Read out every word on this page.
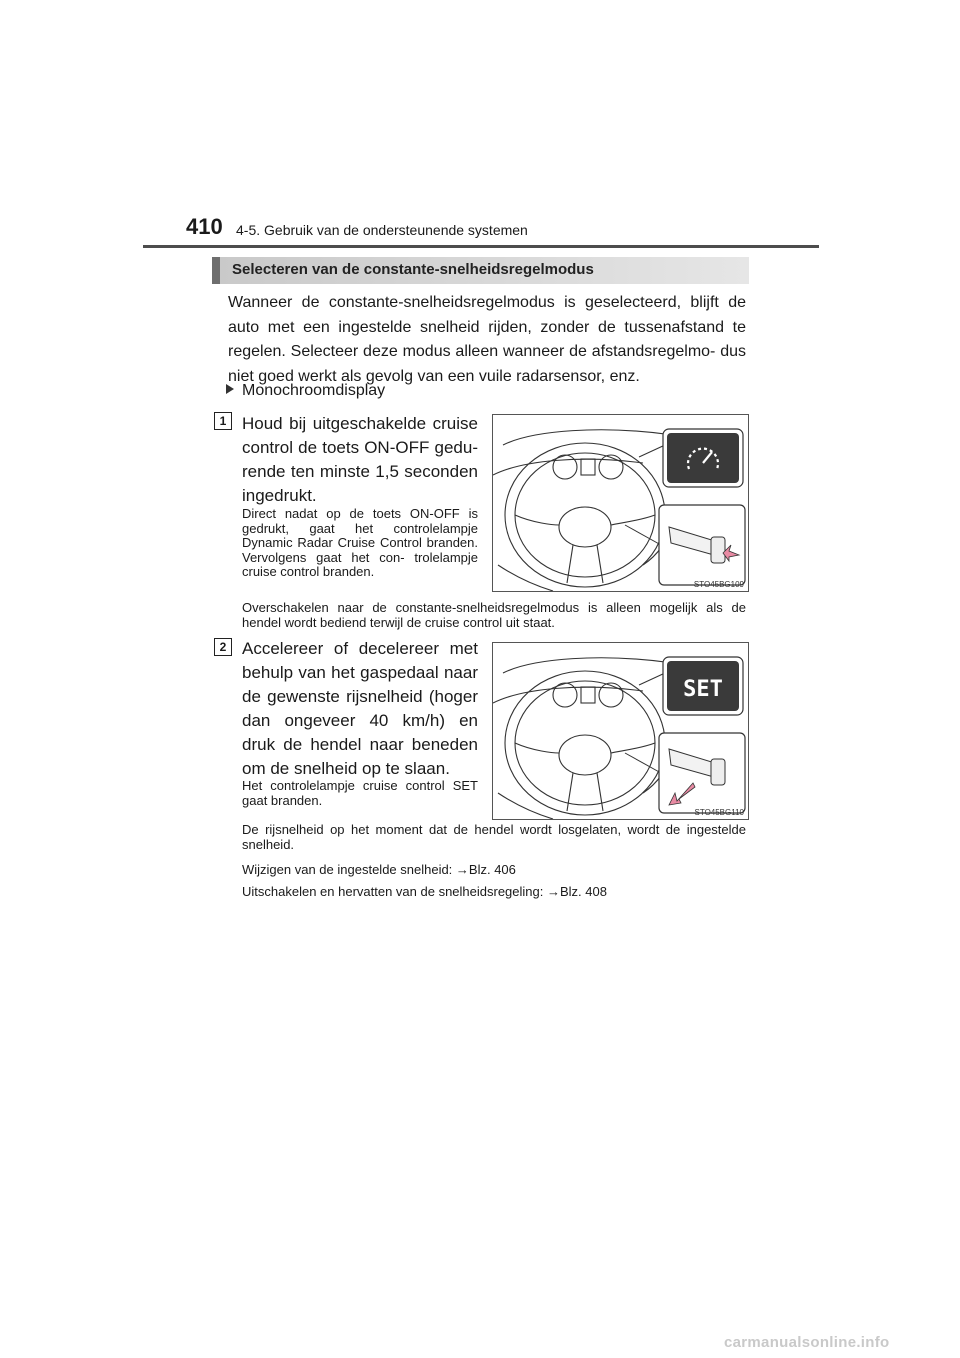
410 4-5. Gebruik van de ondersteunende systemen
Selecteren van de constante-snelheidsregelmodus

Wanneer de constante-snelheidsregelmodus is geselecteerd, blijft de auto met een ingestelde snelheid rijden, zonder de tussenafstand te regelen. Selecteer deze modus alleen wanneer de afstandsregelmo- dus niet goed werkt als gevolg van een vuile radarsensor, enz.

Monochroomdisplay
1 Houd bij uitgeschakelde cruise control de toets ON-OFF gedu- rende ten minste 1,5 seconden ingedrukt.

Direct nadat op de toets ON-OFF is gedrukt, gaat het controlelampje Dynamic Radar Cruise Control branden. Vervolgens gaat het con- trolelampje cruise control branden.

STO45BG109

Overschakelen naar de constante-snelheidsregelmodus is alleen mogelijk als de hendel wordt bediend terwijl de cruise control uit staat.

2 Accelereer of decelereer met behulp van het gaspedaal naar de gewenste rijsnelheid (hoger dan ongeveer 40 km/h) en druk de hendel naar beneden om de snelheid op te slaan.

Het controlelampje cruise control SET gaat branden.

SET
STO45BG110

De rijsnelheid op het moment dat de hendel wordt losgelaten, wordt de ingestelde snelheid.

Wijzigen van de ingestelde snelheid: →Blz. 406
Uitschakelen en hervatten van de snelheidsregeling: →Blz. 408
carmanualsonline.info
